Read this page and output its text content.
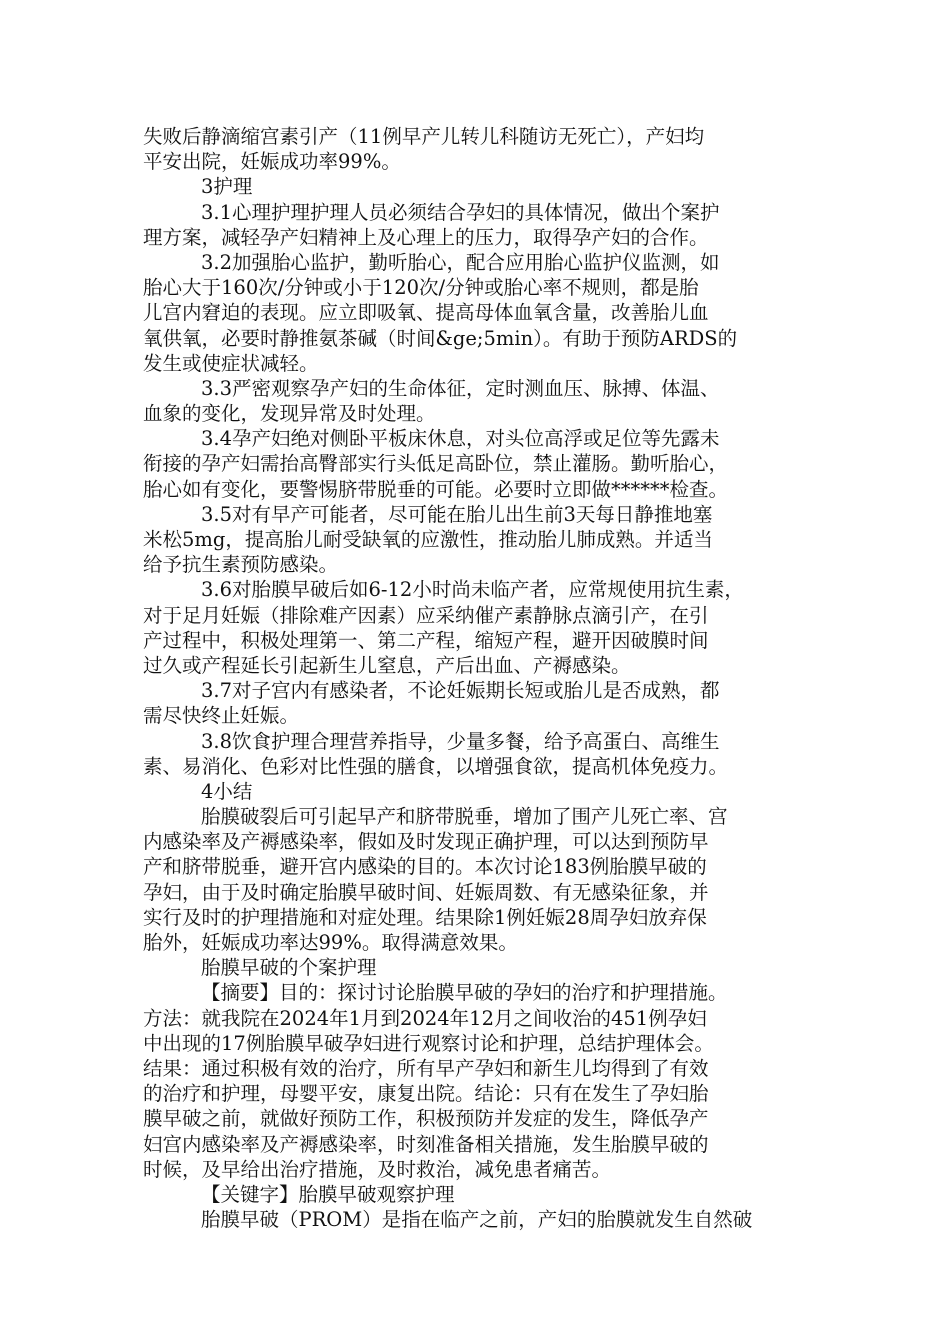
失败后静滴缩宫素引产（11例早产儿转儿科随访无死亡），产妇均
平安出院，妊娠成功率99%。
3护理
3.1心理护理护理人员必须结合孕妇的具体情况，做出个案护
理方案，减轻孕产妇精神上及心理上的压力，取得孕产妇的合作。
3.2加强胎心监护，勤听胎心，配合应用胎心监护仪监测，如
胎心大于160次/分钟或小于120次/分钟或胎心率不规则，都是胎
儿宫内窘迫的表现。应立即吸氧、提高母体血氧含量，改善胎儿血
氧供氧，必要时静推氨茶碱（时间&ge;5min）。有助于预防ARDS的
发生或使症状减轻。
3.3严密观察孕产妇的生命体征，定时测血压、脉搏、体温、
血象的变化，发现异常及时处理。
3.4孕产妇绝对侧卧平板床休息，对头位高浮或足位等先露未
衔接的孕产妇需抬高臀部实行头低足高卧位，禁止灌肠。勤听胎心，
胎心如有变化，要警惕脐带脱垂的可能。必要时立即做******检查。
3.5对有早产可能者，尽可能在胎儿出生前3天每日静推地塞
米松5mg，提高胎儿耐受缺氧的应激性，推动胎儿肺成熟。并适当
给予抗生素预防感染。
3.6对胎膜早破后如6-12小时尚未临产者，应常规使用抗生素，
对于足月妊娠（排除难产因素）应采纳催产素静脉点滴引产，在引
产过程中，积极处理第一、第二产程，缩短产程，避开因破膜时间
过久或产程延长引起新生儿窒息，产后出血、产褥感染。
3.7对子宫内有感染者，不论妊娠期长短或胎儿是否成熟，都
需尽快终止妊娠。
3.8饮食护理合理营养指导，少量多餐，给予高蛋白、高维生
素、易消化、色彩对比性强的膳食，以增强食欲，提高机体免疫力。
4小结
胎膜破裂后可引起早产和脐带脱垂，增加了围产儿死亡率、宫
内感染率及产褥感染率，假如及时发现正确护理，可以达到预防早
产和脐带脱垂，避开宫内感染的目的。本次讨论183例胎膜早破的
孕妇，由于及时确定胎膜早破时间、妊娠周数、有无感染征象，并
实行及时的护理措施和对症处理。结果除1例妊娠28周孕妇放弃保
胎外，妊娠成功率达99%。取得满意效果。
胎膜早破的个案护理
【摘要】目的：探讨讨论胎膜早破的孕妇的治疗和护理措施。
方法：就我院在2024年1月到2024年12月之间收治的451例孕妇
中出现的17例胎膜早破孕妇进行观察讨论和护理，总结护理体会。
结果：通过积极有效的治疗，所有早产孕妇和新生儿均得到了有效
的治疗和护理，母婴平安，康复出院。结论：只有在发生了孕妇胎
膜早破之前，就做好预防工作，积极预防并发症的发生，降低孕产
妇宫内感染率及产褥感染率，时刻准备相关措施，发生胎膜早破的
时候，及早给出治疗措施，及时救治，减免患者痛苦。
【关键字】胎膜早破观察护理
胎膜早破（PROM）是指在临产之前，产妇的胎膜就发生自然破
